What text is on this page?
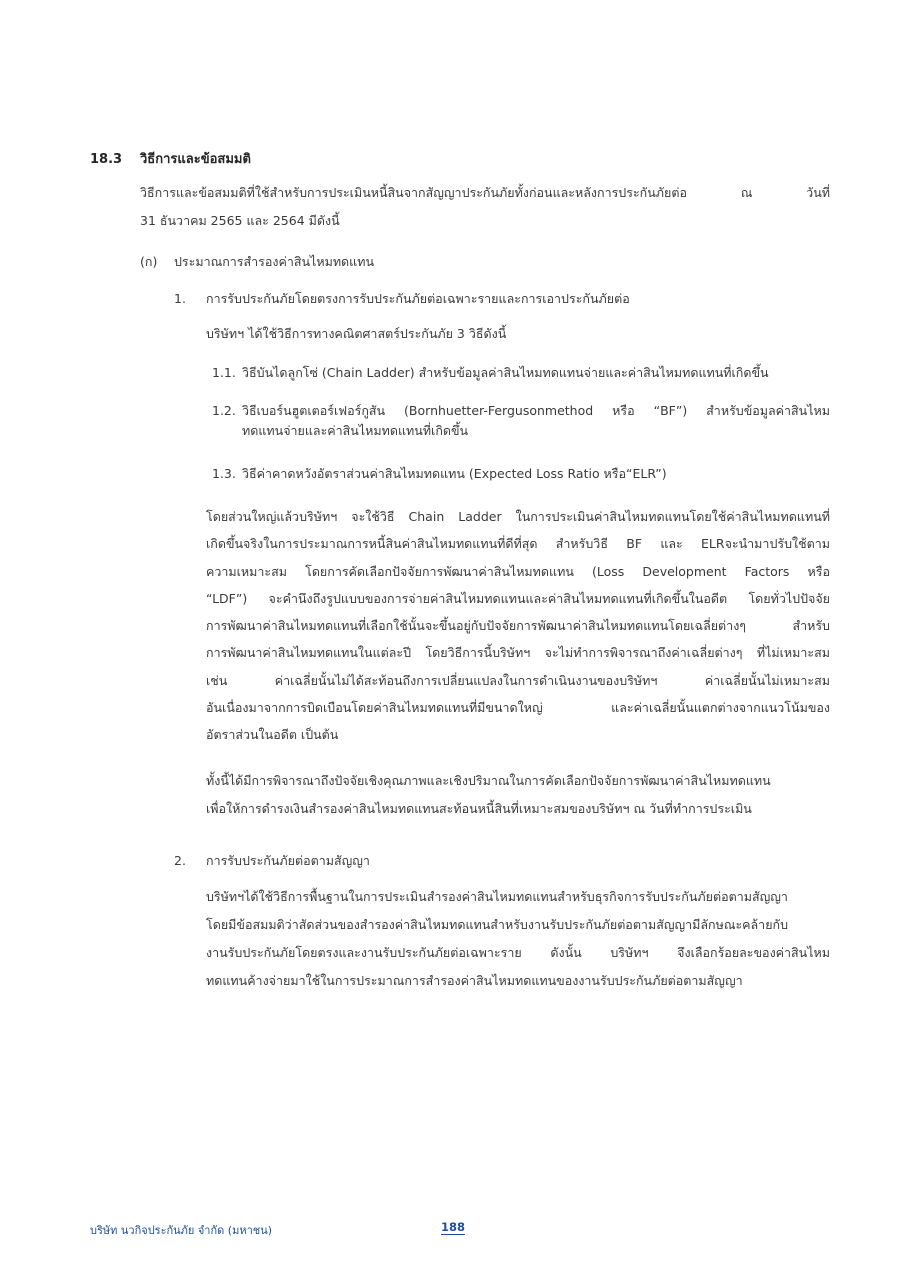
18.3 วิธีการและข้อสมมติ
วิธีการและข้อสมมติที่ใช้สำหรับการประเมินหนี้สินจากสัญญาประกันภัยทั้งก่อนและหลังการประกันภัยต่อ ณ วันที่
31 ธันวาคม 2565 และ 2564 มีดังนี้
(ก) ประมาณการสำรองค่าสินไหมทดแทน
1. การรับประกันภัยโดยตรงการรับประกันภัยต่อเฉพาะรายและการเอาประกันภัยต่อ
บริษัทฯ ได้ใช้วิธีการทางคณิตศาสตร์ประกันภัย 3 วิธีดังนี้
1.1. วิธีบันไดลูกโซ่ (Chain Ladder) สำหรับข้อมูลค่าสินไหมทดแทนจ่ายและค่าสินไหมทดแทนที่เกิดขึ้น
1.2. วิธีเบอร์นฮูตเตอร์เฟอร์กูสัน (Bornhuetter-Fergusonmethod หรือ “BF”) สำหรับข้อมูลค่าสินไหม
ทดแทนจ่ายและค่าสินไหมทดแทนที่เกิดขึ้น
1.3. วิธีค่าคาดหวังอัตราส่วนค่าสินไหมทดแทน (Expected Loss Ratio หรือ“ELR”)
โดยส่วนใหญ่แล้วบริษัทฯ จะใช้วิธี Chain Ladder ในการประเมินค่าสินไหมทดแทนโดยใช้ค่าสินไหมทดแทนที่
เกิดขึ้นจริงในการประมาณการหนี้สินค่าสินไหมทดแทนที่ดีที่สุด สำหรับวิธี BF และ ELRจะนำมาปรับใช้ตาม
ความเหมาะสม โดยการคัดเลือกปัจจัยการพัฒนาค่าสินไหมทดแทน (Loss Development Factors หรือ
“LDF”) จะคำนึงถึงรูปแบบของการจ่ายค่าสินไหมทดแทนและค่าสินไหมทดแทนที่เกิดขึ้นในอดีต โดยทั่วไปปัจจัย
การพัฒนาค่าสินไหมทดแทนที่เลือกใช้นั้นจะขึ้นอยู่กับปัจจัยการพัฒนาค่าสินไหมทดแทนโดยเฉลี่ยต่างๆ สำหรับ
การพัฒนาค่าสินไหมทดแทนในแต่ละปี โดยวิธีการนี้บริษัทฯ จะไม่ทำการพิจารณาถึงค่าเฉลี่ยต่างๆ ที่ไม่เหมาะสม
เช่น ค่าเฉลี่ยนั้นไม่ได้สะท้อนถึงการเปลี่ยนแปลงในการดำเนินงานของบริษัทฯ ค่าเฉลี่ยนั้นไม่เหมาะสม
อันเนื่องมาจากการบิดเบือนโดยค่าสินไหมทดแทนที่มีขนาดใหญ่ และค่าเฉลี่ยนั้นแตกต่างจากแนวโน้มของ
อัตราส่วนในอดีต เป็นต้น
ทั้งนี้ได้มีการพิจารณาถึงปัจจัยเชิงคุณภาพและเชิงปริมาณในการคัดเลือกปัจจัยการพัฒนาค่าสินไหมทดแทน
เพื่อให้การดำรงเงินสำรองค่าสินไหมทดแทนสะท้อนหนี้สินที่เหมาะสมของบริษัทฯ ณ วันที่ทำการประเมิน
2. การรับประกันภัยต่อตามสัญญา
บริษัทฯได้ใช้วิธีการพื้นฐานในการประเมินสำรองค่าสินไหมทดแทนสำหรับธุรกิจการรับประกันภัยต่อตามสัญญา
โดยมีข้อสมมติว่าสัดส่วนของสำรองค่าสินไหมทดแทนสำหรับงานรับประกันภัยต่อตามสัญญามีลักษณะคล้ายกับ
งานรับประกันภัยโดยตรงและงานรับประกันภัยต่อเฉพาะราย ดังนั้น บริษัทฯ จึงเลือกร้อยละของค่าสินไหม
ทดแทนค้างจ่ายมาใช้ในการประมาณการสำรองค่าสินไหมทดแทนของงานรับประกันภัยต่อตามสัญญา
บริษัท นวกิจประกันภัย จำกัด (มหาชน)	188
